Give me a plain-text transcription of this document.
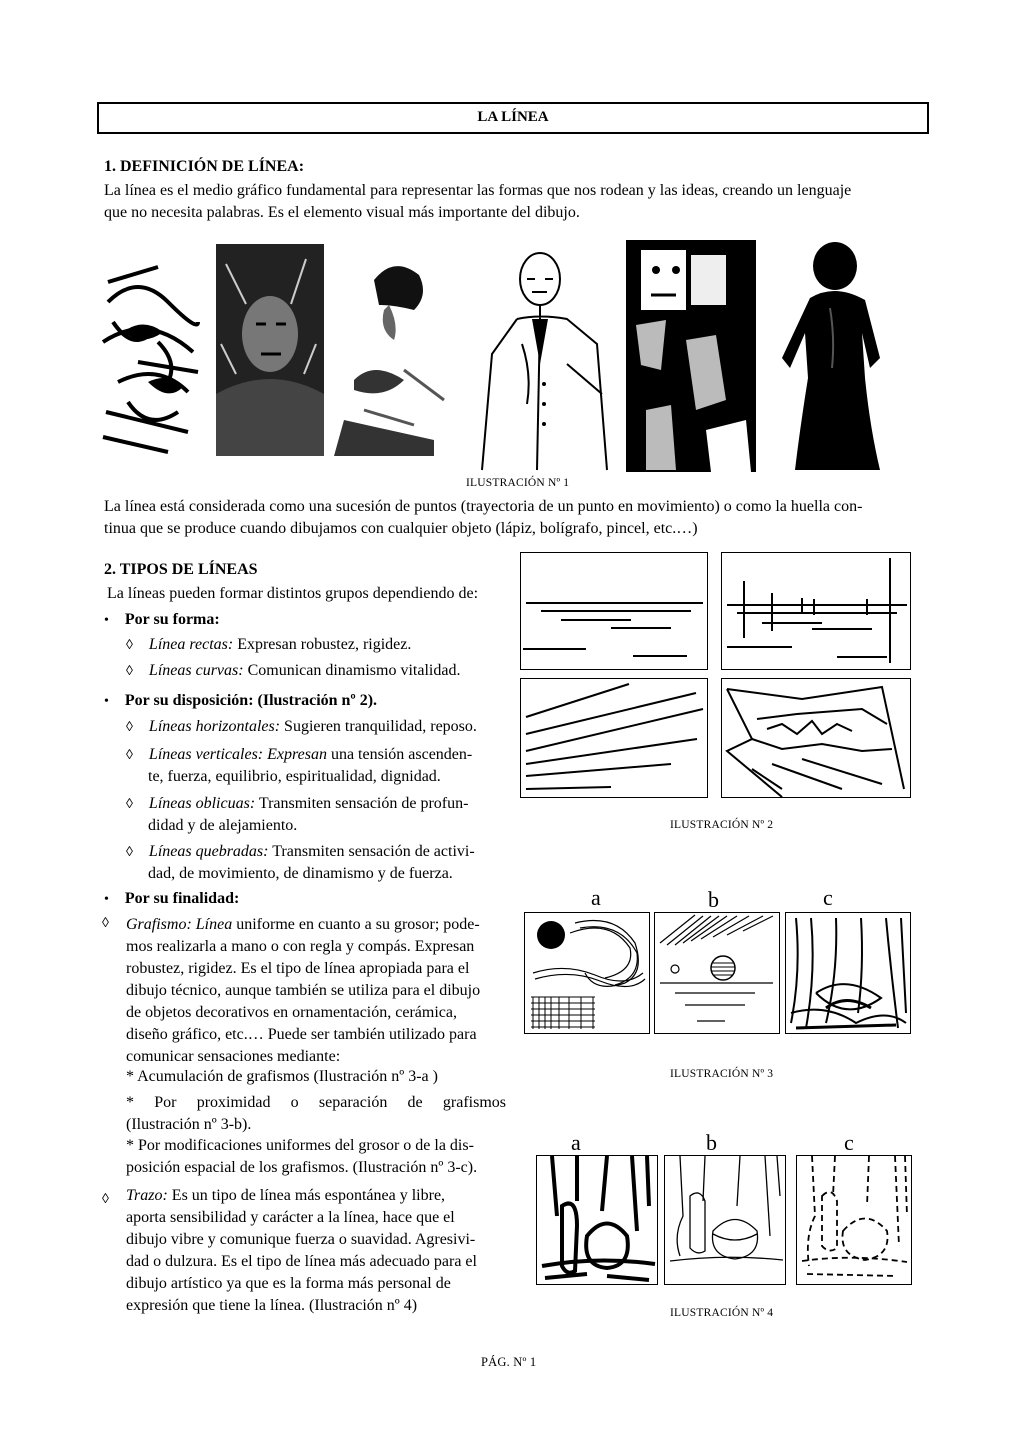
LA LÍNEA
1. DEFINICIÓN DE LÍNEA:
La línea es el medio gráfico fundamental para representar las formas que nos rodean y las ideas, creando un lenguaje
que no necesita palabras. Es el elemento visual más importante del dibujo.
ILUSTRACIÓN Nº 1
La línea está considerada como una sucesión de puntos (trayectoria de un punto en movimiento) o como la huella con-
tinua que se produce cuando dibujamos con cualquier objeto (lápiz, bolígrafo, pincel, etc.…)
2. TIPOS DE LÍNEAS
La líneas pueden formar distintos grupos dependiendo de:
• Por su forma:
◊ Línea rectas: Expresan robustez, rigidez.
◊ Líneas curvas: Comunican dinamismo vitalidad.
• Por su disposición: (Ilustración nº 2).
◊ Líneas horizontales: Sugieren tranquilidad, reposo.
◊ Líneas verticales: Expresan una tensión ascenden-
te, fuerza, equilibrio, espiritualidad, dignidad.
◊ Líneas oblicuas: Transmiten sensación de profun-
didad y de alejamiento.
◊ Líneas quebradas: Transmiten sensación de activi-
dad, de movimiento, de dinamismo y de fuerza.
• Por su finalidad:
◊ Grafismo: Línea uniforme en cuanto a su grosor; pode-
mos realizarla a mano o con regla y compás. Expresan
robustez, rigidez. Es el tipo de línea apropiada para el
dibujo técnico, aunque también se utiliza para el dibujo
de objetos decorativos en ornamentación, cerámica,
diseño gráfico, etc.… Puede ser también utilizado para
comunicar sensaciones mediante:
* Acumulación de grafismos (Ilustración nº 3-a )
* Por proximidad o separación de grafismos
(Ilustración nº 3-b).
* Por modificaciones uniformes del grosor o de la dis-
posición espacial de los grafismos. (Ilustración nº 3-c).
◊ Trazo: Es un tipo de línea más espontánea y libre,
aporta sensibilidad y carácter a la línea, hace que el
dibujo vibre y comunique fuerza o suavidad. Agresivi-
dad o dulzura. Es el tipo de línea más adecuado para el
dibujo artístico ya que es la forma más personal de
expresión que tiene la línea. (Ilustración nº 4)
ILUSTRACIÓN Nº 2
a	b	c
ILUSTRACIÓN Nº 3
a	b	c
ILUSTRACIÓN Nº 4
PÁG. Nº 1
